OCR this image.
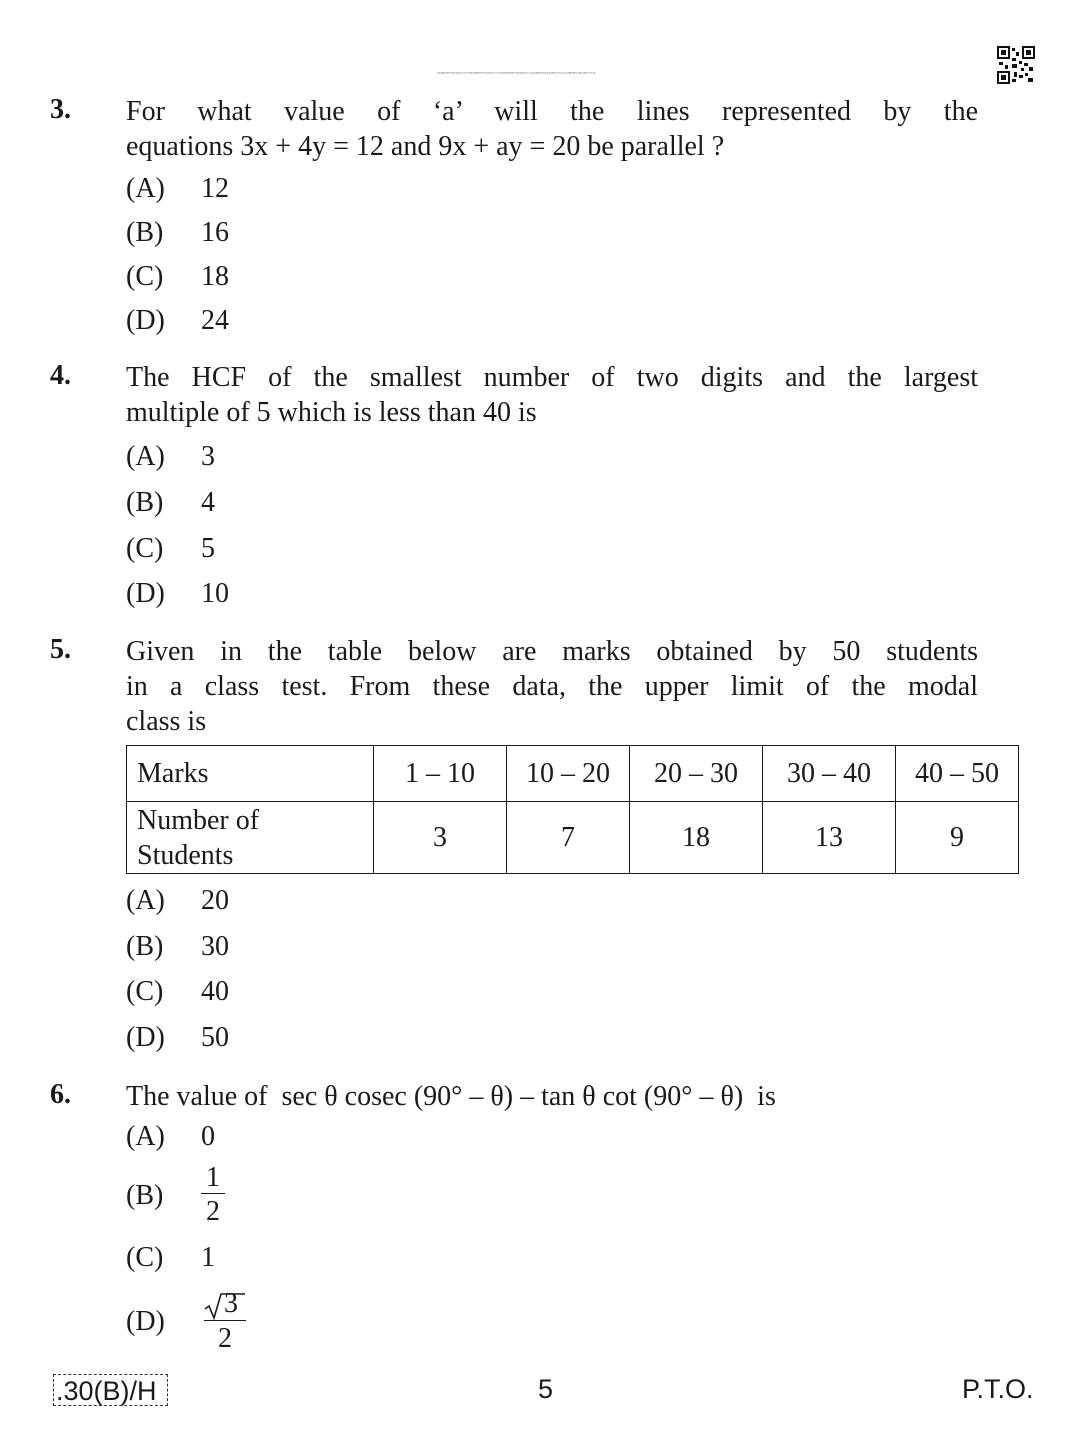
NMHFPHVFKIPRVSVWNMHFPHVFKIPRVSVWNMHFPHVFKIPRVSVWNMHFPHVFKIPRVSVWNMHFPHVFKIPRVSVW
3. For what value of ‘a’ will the lines represented by the
equations 3x + 4y = 12 and 9x + ay = 20 be parallel ?
(A) 12
(B) 16
(C) 18
(D) 24
4. The HCF of the smallest number of two digits and the largest
multiple of 5 which is less than 40 is
(A) 3
(B) 4
(C) 5
(D) 10
5. Given in the table below are marks obtained by 50 students
in a class test. From these data, the upper limit of the modal
class is
Marks	1 – 10	10 – 20	20 – 30	30 – 40	40 – 50
Number of
Students	3	7	18	13	9
(A) 20
(B) 30
(C) 40
(D) 50
6. The value of  sec θ cosec (90° – θ) – tan θ cot (90° – θ)  is
(A) 0
(B)
1
2
(C) 1
(D)
3
2
.30(B)/H	5	P.T.O.
